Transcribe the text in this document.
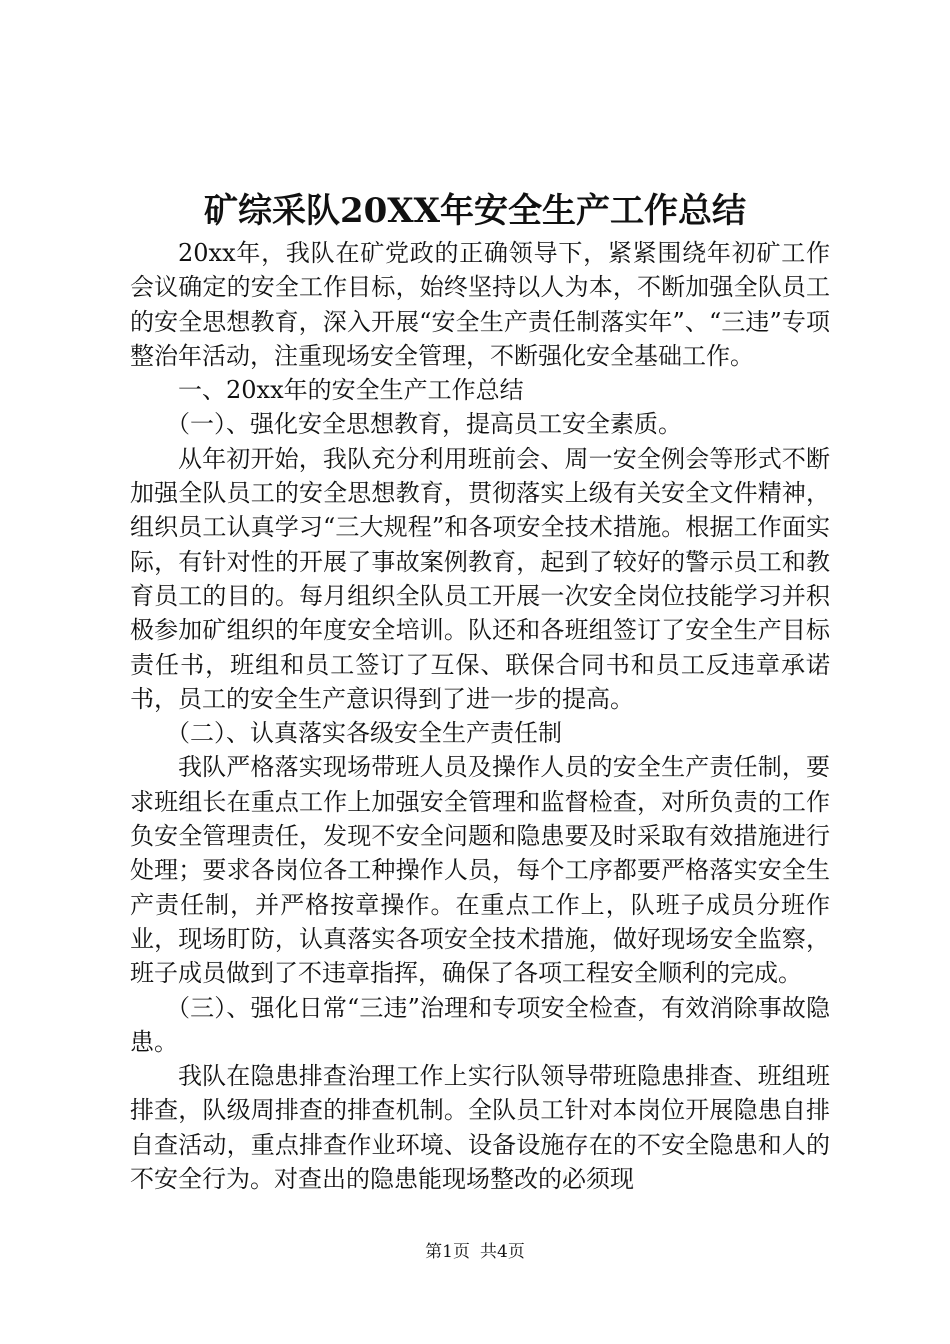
矿综采队20XX年安全生产工作总结

20xx年，我队在矿党政的正确领导下，紧紧围绕年初矿工作会议确定的安全工作目标，始终坚持以人为本，不断加强全队员工的安全思想教育，深入开展“安全生产责任制落实年”、“三违”专项整治年活动，注重现场安全管理，不断强化安全基础工作。

一、20xx年的安全生产工作总结

（一）、强化安全思想教育，提高员工安全素质。

从年初开始，我队充分利用班前会、周一安全例会等形式不断加强全队员工的安全思想教育，贯彻落实上级有关安全文件精神，组织员工认真学习“三大规程”和各项安全技术措施。根据工作面实际，有针对性的开展了事故案例教育，起到了较好的警示员工和教育员工的目的。每月组织全队员工开展一次安全岗位技能学习并积极参加矿组织的年度安全培训。队还和各班组签订了安全生产目标责任书，班组和员工签订了互保、联保合同书和员工反违章承诺书，员工的安全生产意识得到了进一步的提高。

（二）、认真落实各级安全生产责任制

我队严格落实现场带班人员及操作人员的安全生产责任制，要求班组长在重点工作上加强安全管理和监督检查，对所负责的工作负安全管理责任，发现不安全问题和隐患要及时采取有效措施进行处理；要求各岗位各工种操作人员，每个工序都要严格落实安全生产责任制，并严格按章操作。在重点工作上，队班子成员分班作业，现场盯防，认真落实各项安全技术措施，做好现场安全监察，班子成员做到了不违章指挥，确保了各项工程安全顺利的完成。

（三）、强化日常“三违”治理和专项安全检查，有效消除事故隐患。

我队在隐患排查治理工作上实行队领导带班隐患排查、班组班排查，队级周排查的排查机制。全队员工针对本岗位开展隐患自排自查活动，重点排查作业环境、设备设施存在的不安全隐患和人的不安全行为。对查出的隐患能现场整改的必须现

第1页 共4页
